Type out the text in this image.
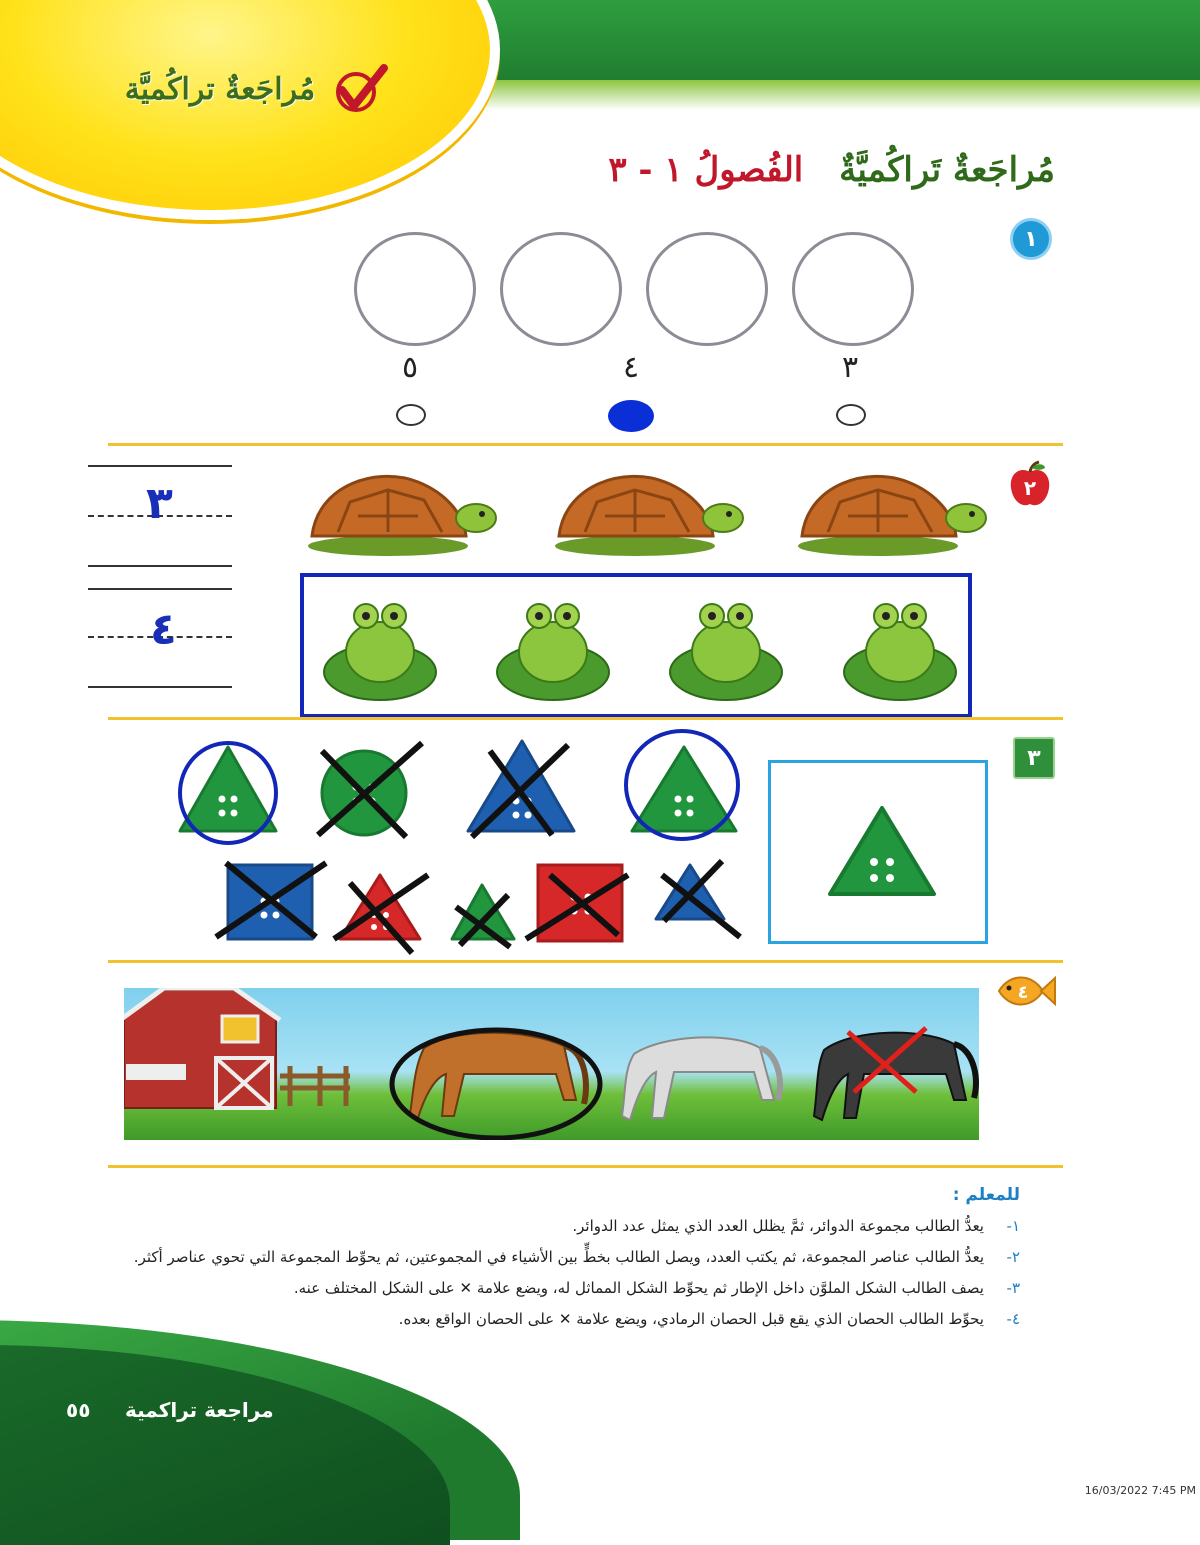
مُراجَعةٌ تراكُميَّة
مُراجَعةٌ تَراكُميَّةٌ الفُصولُ ١ - ٣
١
٣
٤
٥
٢
٣
٤
٣
٤
للمعلم :
١-
يعدُّ الطالب مجموعة الدوائر، ثمَّ يظلل العدد الذي يمثل عدد الدوائر.
٢-
يعدُّ الطالب عناصر المجموعة، ثم يكتب العدد، ويصل الطالب بخطٍّ بين الأشياء في المجموعتين، ثم يحوِّط المجموعة التي تحوي عناصر أكثر.
٣-
يصف الطالب الشكل الملوَّن داخل الإطار ثم يحوِّط الشكل المماثل له، ويضع علامة ✕ على الشكل المختلف عنه.
٤-
يحوِّط الطالب الحصان الذي يقع قبل الحصان الرمادي، ويضع علامة ✕ على الحصان الواقع بعده.
مراجعة تراكمية
٥٥
16/03/2022 7:45 PM
